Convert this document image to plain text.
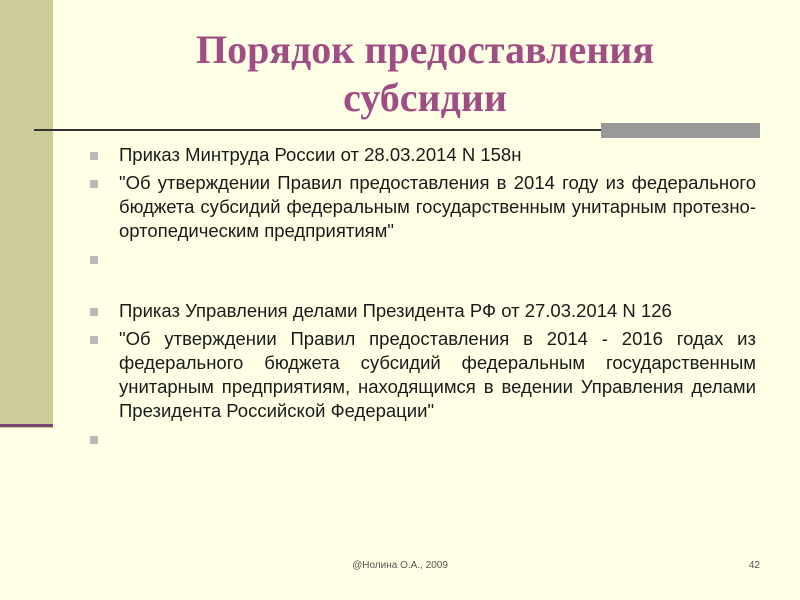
Порядок предоставления
субсидии
Приказ Минтруда России от 28.03.2014 N 158н
"Об утверждении Правил предоставления в 2014 году из федерального бюджета субсидий федеральным государственным унитарным протезно-ортопедическим предприятиям"
Приказ Управления делами Президента РФ от 27.03.2014 N 126
"Об утверждении Правил предоставления в 2014 - 2016 годах из федерального бюджета субсидий федеральным государственным унитарным предприятиям, находящимся в ведении Управления делами Президента Российской Федерации"
@Нолина О.А., 2009	42
